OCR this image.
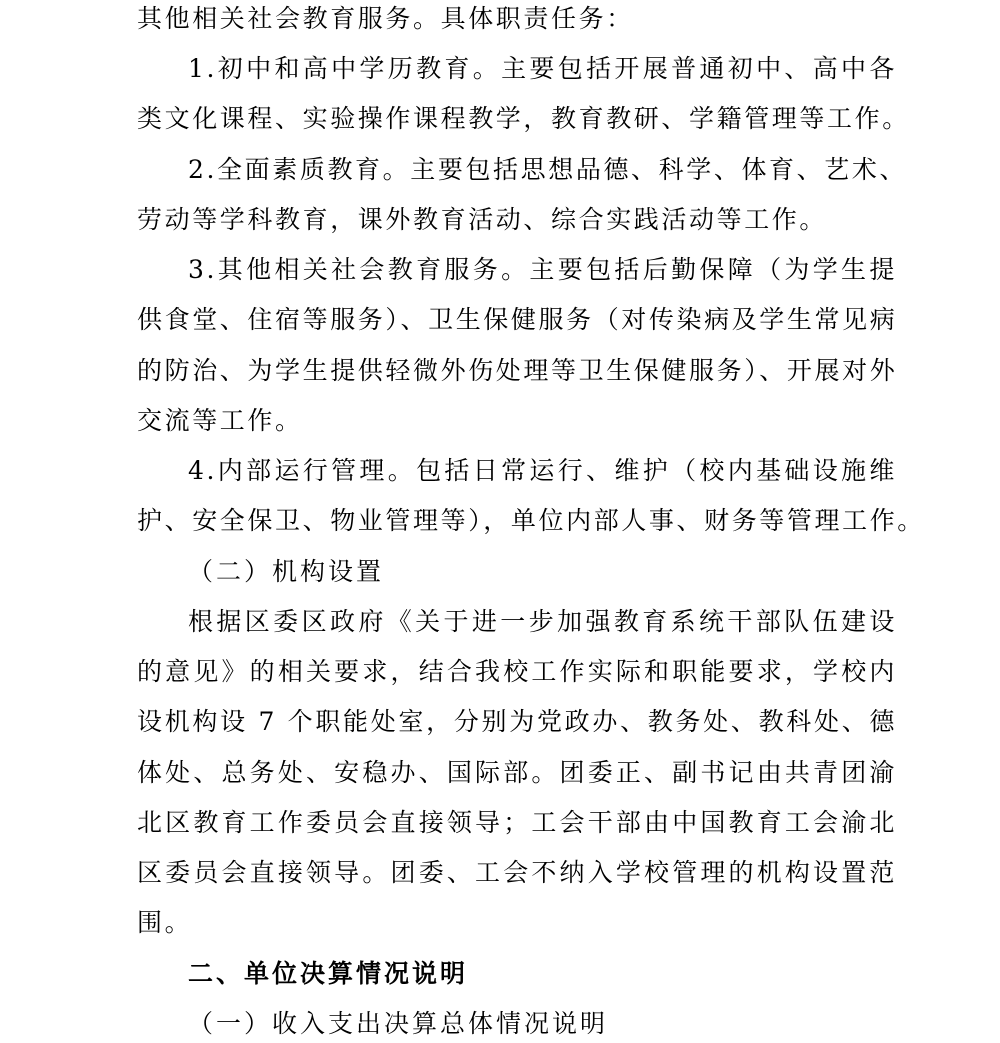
其他相关社会教育服务。具体职责任务：
1.初中和高中学历教育。主要包括开展普通初中、高中各
类文化课程、实验操作课程教学，教育教研、学籍管理等工作。
2.全面素质教育。主要包括思想品德、科学、体育、艺术、
劳动等学科教育，课外教育活动、综合实践活动等工作。
3.其他相关社会教育服务。主要包括后勤保障（为学生提
供食堂、住宿等服务）、卫生保健服务（对传染病及学生常见病
的防治、为学生提供轻微外伤处理等卫生保健服务）、开展对外
交流等工作。
4.内部运行管理。包括日常运行、维护（校内基础设施维
护、安全保卫、物业管理等），单位内部人事、财务等管理工作。
（二）机构设置
根据区委区政府《关于进一步加强教育系统干部队伍建设
的意见》的相关要求，结合我校工作实际和职能要求，学校内
设机构设 7 个职能处室，分别为党政办、教务处、教科处、德
体处、总务处、安稳办、国际部。团委正、副书记由共青团渝
北区教育工作委员会直接领导；工会干部由中国教育工会渝北
区委员会直接领导。团委、工会不纳入学校管理的机构设置范
围。
二、单位决算情况说明
（一）收入支出决算总体情况说明
